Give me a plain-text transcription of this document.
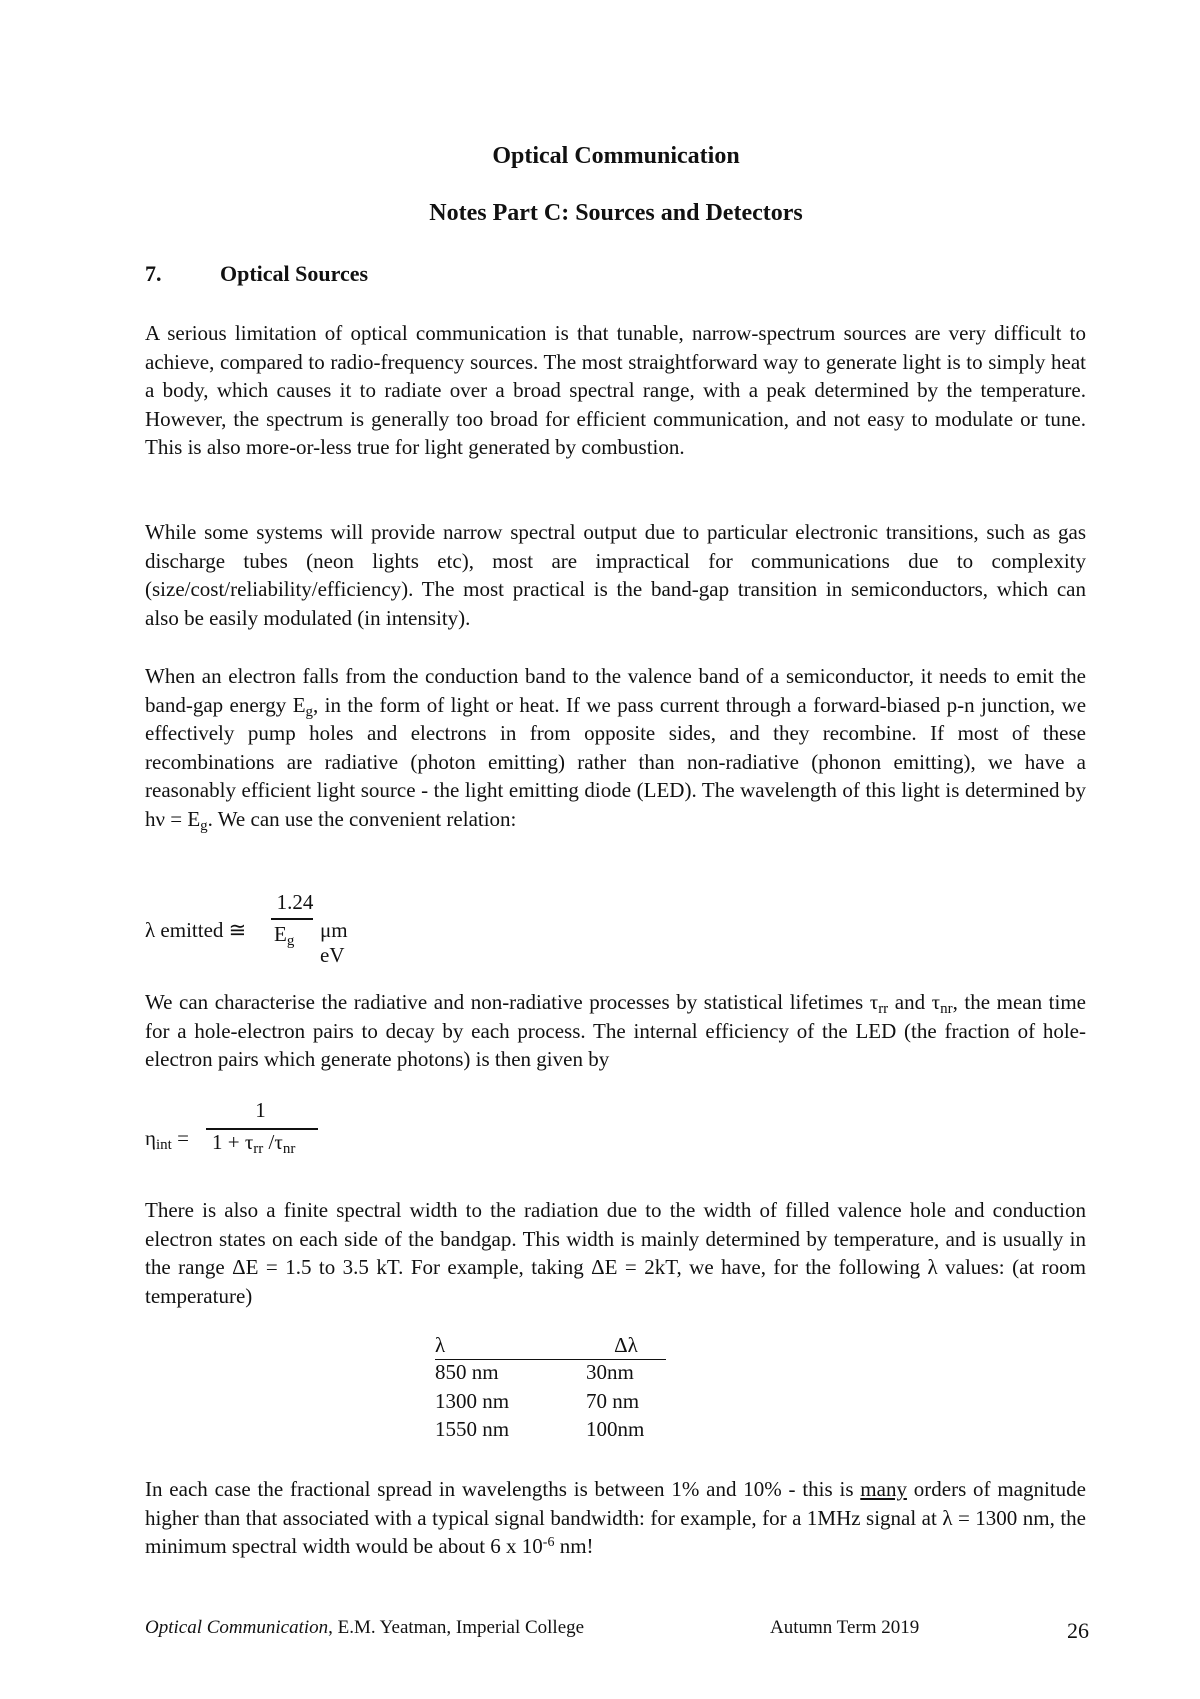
Optical Communication
Notes Part C: Sources and Detectors
7.	Optical Sources

A serious limitation of optical communication is that tunable, narrow-spectrum sources are very difficult to achieve, compared to radio-frequency sources. The most straightforward way to generate light is to simply heat a body, which causes it to radiate over a broad spectral range, with a peak determined by the temperature. However, the spectrum is generally too broad for efficient communication, and not easy to modulate or tune. This is also more-or-less true for light generated by combustion.

While some systems will provide narrow spectral output due to particular electronic transitions, such as gas discharge tubes (neon lights etc), most are impractical for communications due to complexity (size/cost/reliability/efficiency). The most practical is the band-gap transition in semiconductors, which can also be easily modulated (in intensity).

When an electron falls from the conduction band to the valence band of a semiconductor, it needs to emit the band-gap energy $E_g$, in the form of light or heat. If we pass current through a forward-biased p-n junction, we effectively pump holes and electrons in from opposite sides, and they recombine. If most of these recombinations are radiative (photon emitting) rather than non-radiative (phonon emitting), we have a reasonably efficient light source - the light emitting diode (LED). The wavelength of this light is determined by $h\nu = E_g$. We can use the convenient relation:

λ emitted ≅
1.24
$E_g$ μm eV

We can characterise the radiative and non-radiative processes by statistical lifetimes $\tau_{rr}$ and $\tau_{nr}$, the mean time for a hole-electron pairs to decay by each process. The internal efficiency of the LED (the fraction of hole-electron pairs which generate photons) is then given by

$\eta_{int}$ =
1
$1 + \tau_{rr}$ $/\tau_{nr}$

There is also a finite spectral width to the radiation due to the width of filled valence hole and conduction electron states on each side of the bandgap. This width is mainly determined by temperature, and is usually in the range ΔE = 1.5 to 3.5 kT. For example, taking ΔE = 2kT, we have, for the following λ values: (at room temperature)

λ	Δλ
850 nm	30nm
1300 nm	70 nm
1550 nm	100nm

In each case the fractional spread in wavelengths is between 1% and 10% - this is many orders of magnitude higher than that associated with a typical signal bandwidth: for example, for a 1MHz signal at λ = 1300 nm, the minimum spectral width would be about 6 x $10^{-6}$ nm!

Optical Communication, E.M. Yeatman, Imperial College	Autumn Term 2019	26
